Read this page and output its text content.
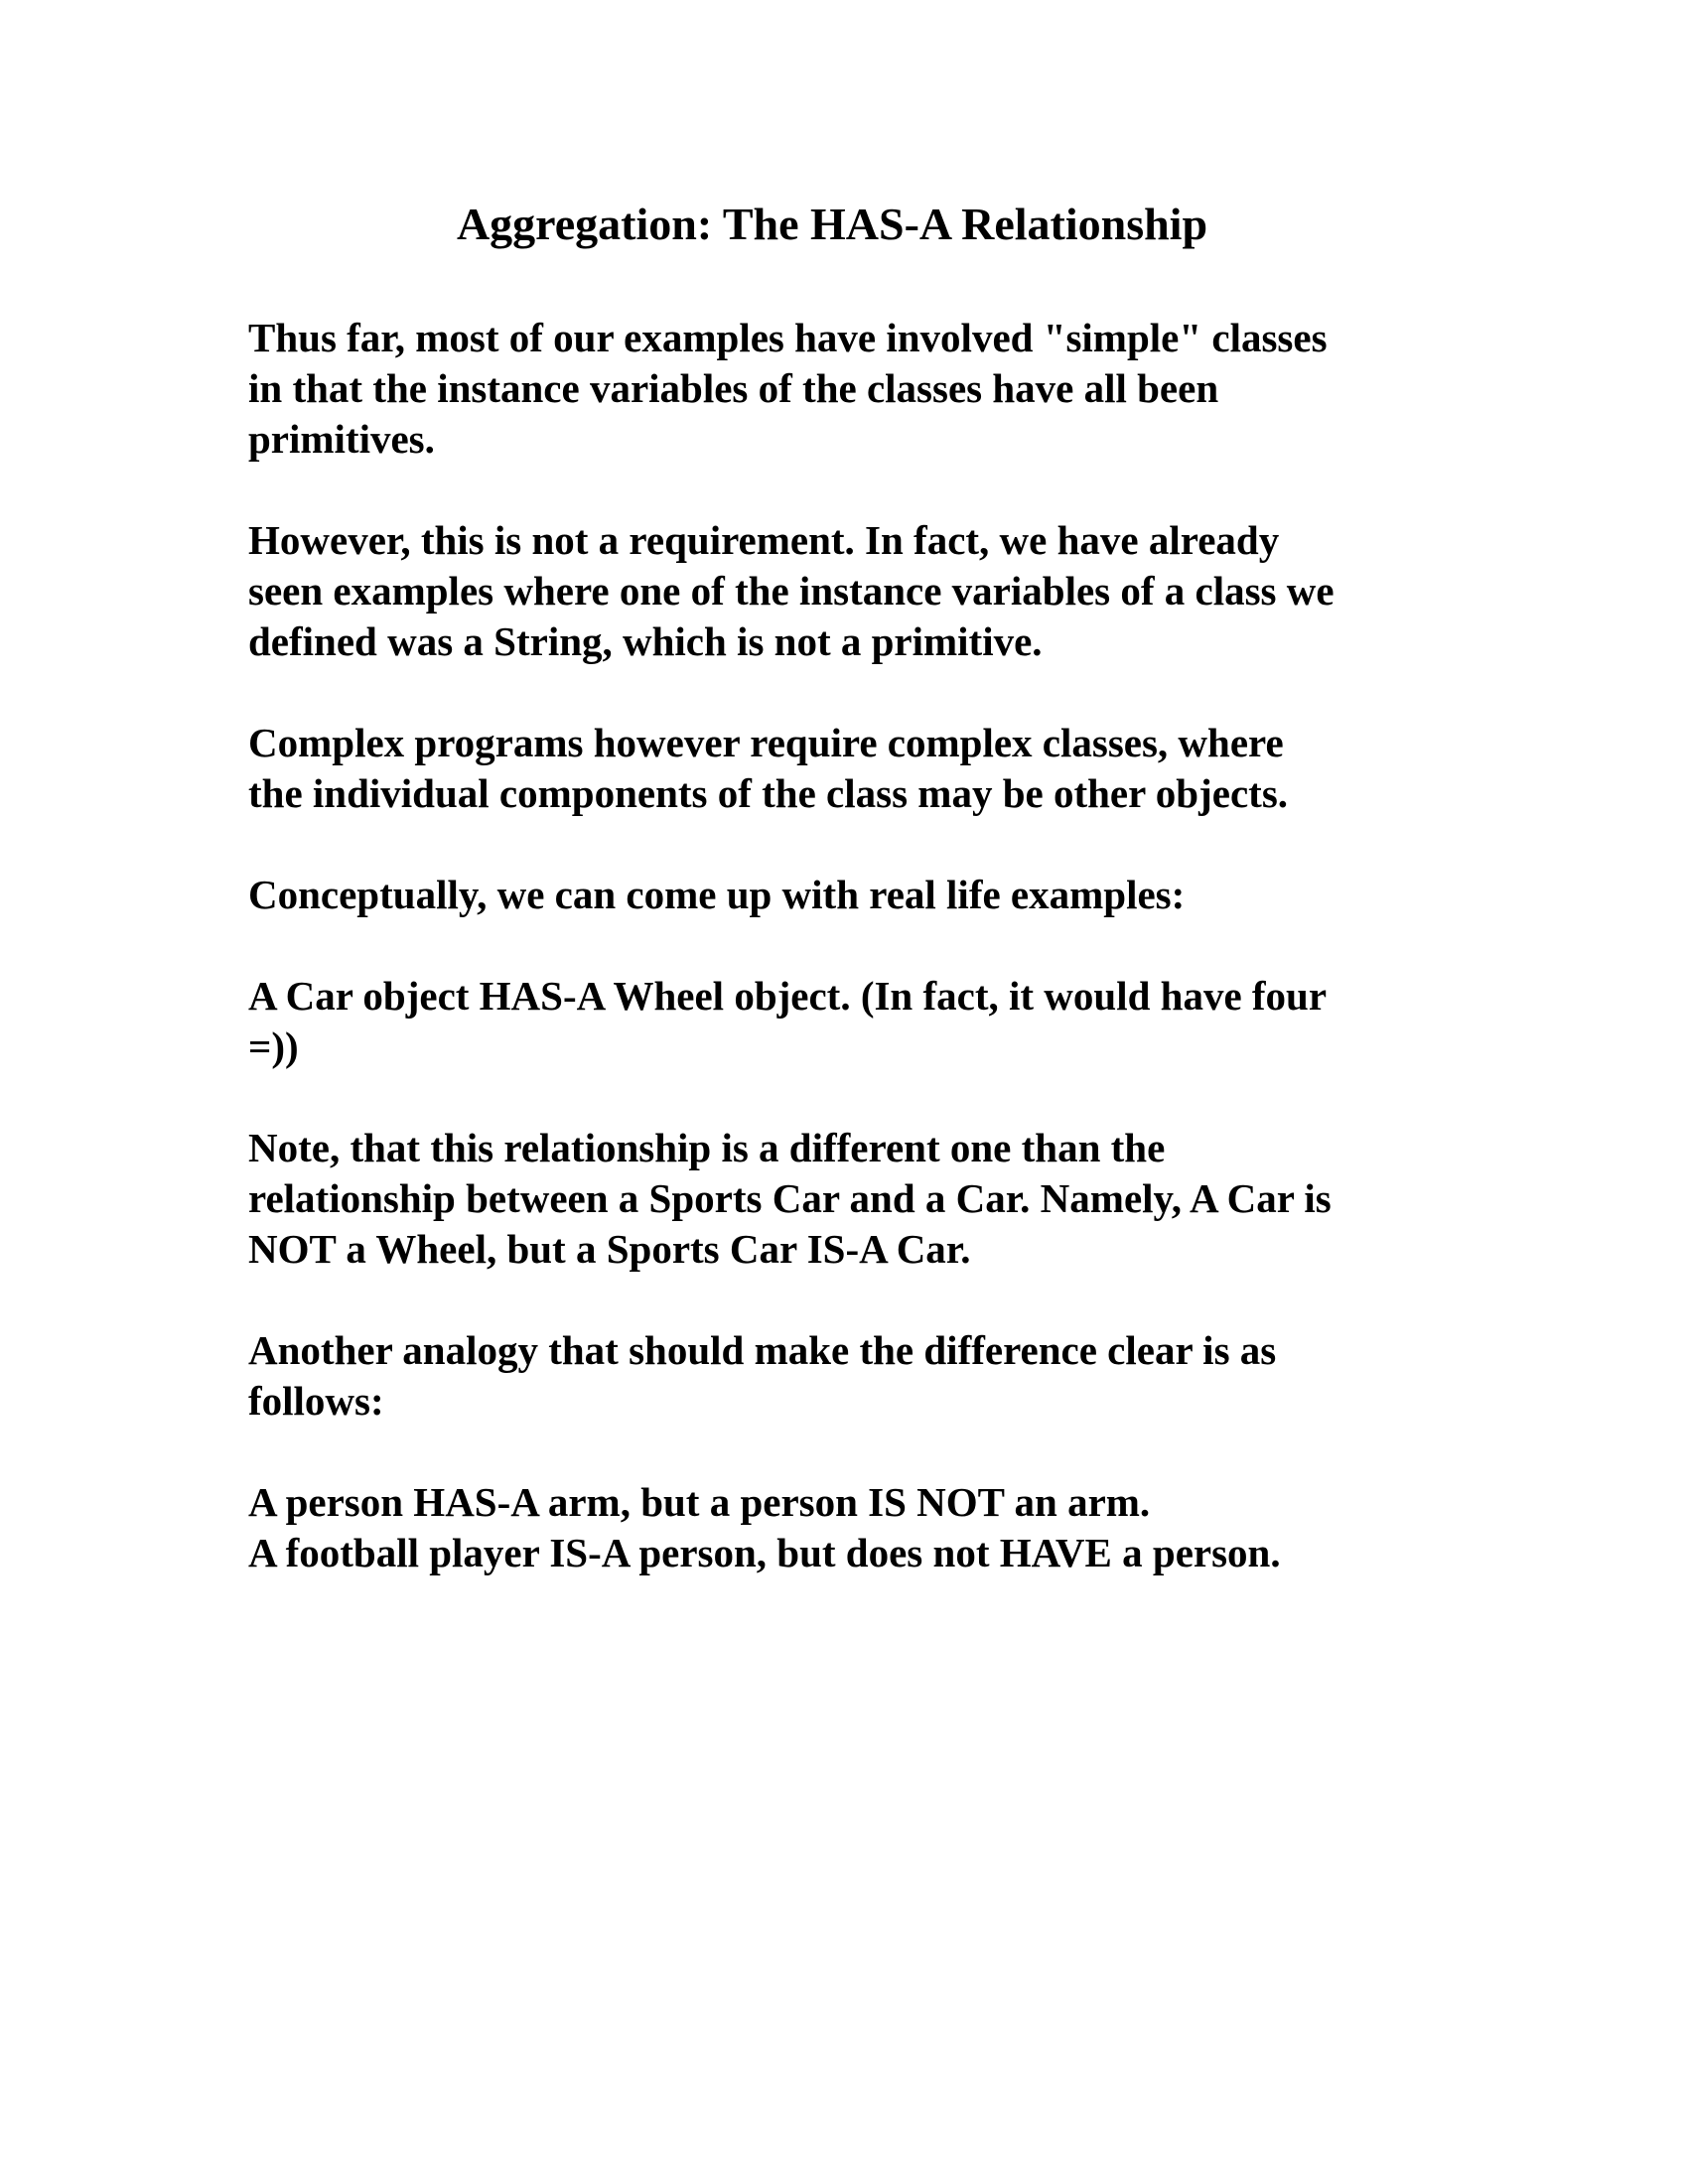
Aggregation: The HAS-A Relationship

Thus far, most of our examples have involved "simple" classes
in that the instance variables of the classes have all been
primitives.

However, this is not a requirement. In fact, we have already
seen examples where one of the instance variables of a class we
defined was a String, which is not a primitive.

Complex programs however require complex classes, where
the individual components of the class may be other objects.

Conceptually, we can come up with real life examples:

A Car object HAS-A Wheel object. (In fact, it would have four
=))

Note, that this relationship is a different one than the
relationship between a Sports Car and a Car. Namely, A Car is
NOT a Wheel, but a Sports Car IS-A Car.

Another analogy that should make the difference clear is as
follows:

A person HAS-A arm, but a person IS NOT an arm.
A football player IS-A person, but does not HAVE a person.
